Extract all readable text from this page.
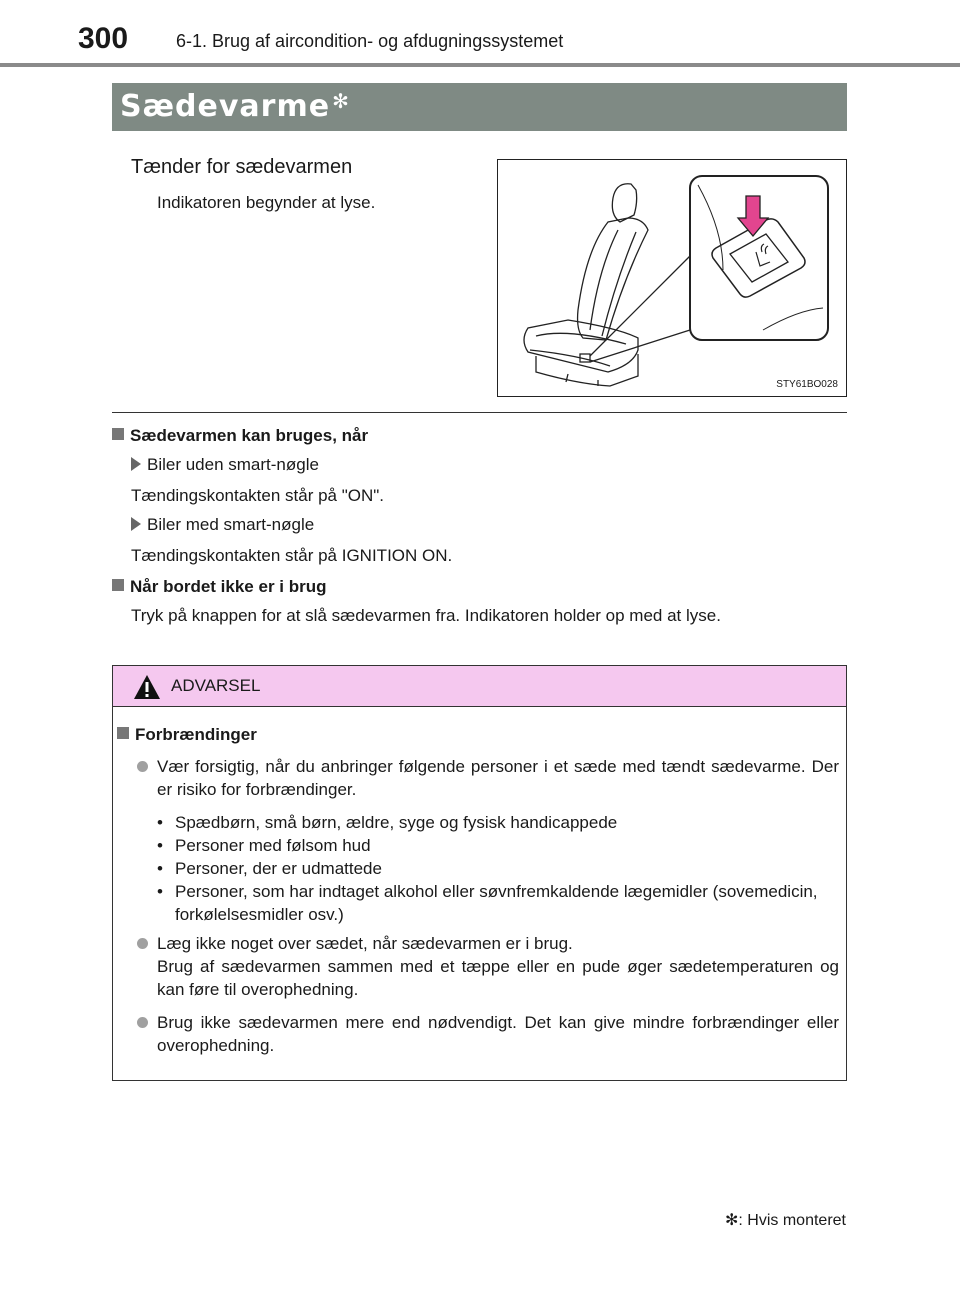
300	6-1. Brug af aircondition- og afdugningssystemet
Sædevarme ✻
Tænder for sædevarmen
Indikatoren begynder at lyse.
STY61BO028
Sædevarmen kan bruges, når
Biler uden smart-nøgle
Tændingskontakten står på "ON".
Biler med smart-nøgle
Tændingskontakten står på IGNITION ON.
Når bordet ikke er i brug

Tryk på knappen for at slå sædevarmen fra. Indikatoren holder op med at lyse.

ADVARSEL
Forbrændinger

Vær forsigtig, når du anbringer følgende personer i et sæde med tændt sædevarme. Der er risiko for forbrændinger.

• Spædbørn, små børn, ældre, syge og fysisk handicappede
• Personer med følsom hud
• Personer, der er udmattede
• Personer, som har indtaget alkohol eller søvnfremkaldende lægemidler (sovemedicin, forkølelsesmidler osv.)

Læg ikke noget over sædet, når sædevarmen er i brug.

Brug af sædevarmen sammen med et tæppe eller en pude øger sædetemperaturen og kan føre til overophedning.

Brug ikke sædevarmen mere end nødvendigt. Det kan give mindre forbrændinger eller overophedning.

✻: Hvis monteret
